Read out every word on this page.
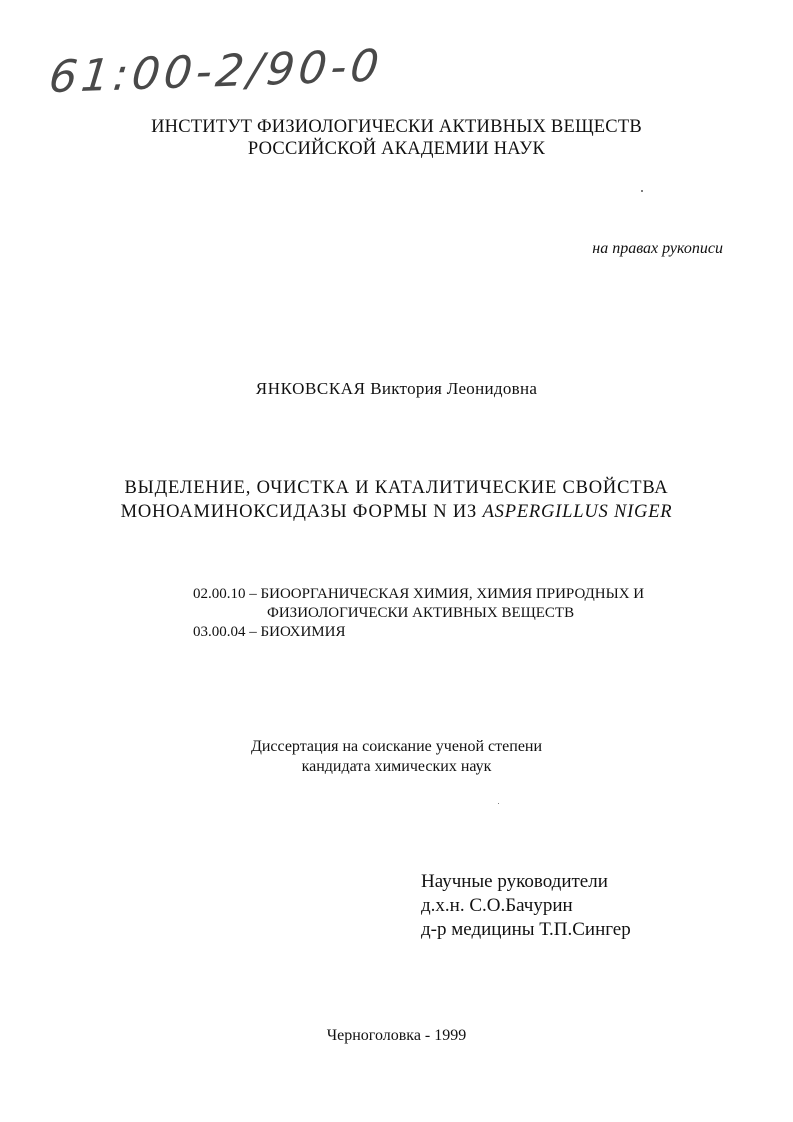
61:00-2/90-0
ИНСТИТУТ ФИЗИОЛОГИЧЕСКИ АКТИВНЫХ ВЕЩЕСТВ
РОССИЙСКОЙ АКАДЕМИИ НАУК
на правах рукописи
ЯНКОВСКАЯ Виктория Леонидовна
ВЫДЕЛЕНИЕ, ОЧИСТКА И КАТАЛИТИЧЕСКИЕ СВОЙСТВА
МОНОАМИНОКСИДАЗЫ ФОРМЫ N ИЗ ASPERGILLUS NIGER
02.00.10 – БИООРГАНИЧЕСКАЯ ХИМИЯ, ХИМИЯ ПРИРОДНЫХ И
ФИЗИОЛОГИЧЕСКИ АКТИВНЫХ ВЕЩЕСТВ
03.00.04 – БИОХИМИЯ
Диссертация на соискание ученой степени
кандидата химических наук
Научные руководители
д.х.н. С.О.Бачурин
д-р медицины Т.П.Сингер
Черноголовка - 1999
